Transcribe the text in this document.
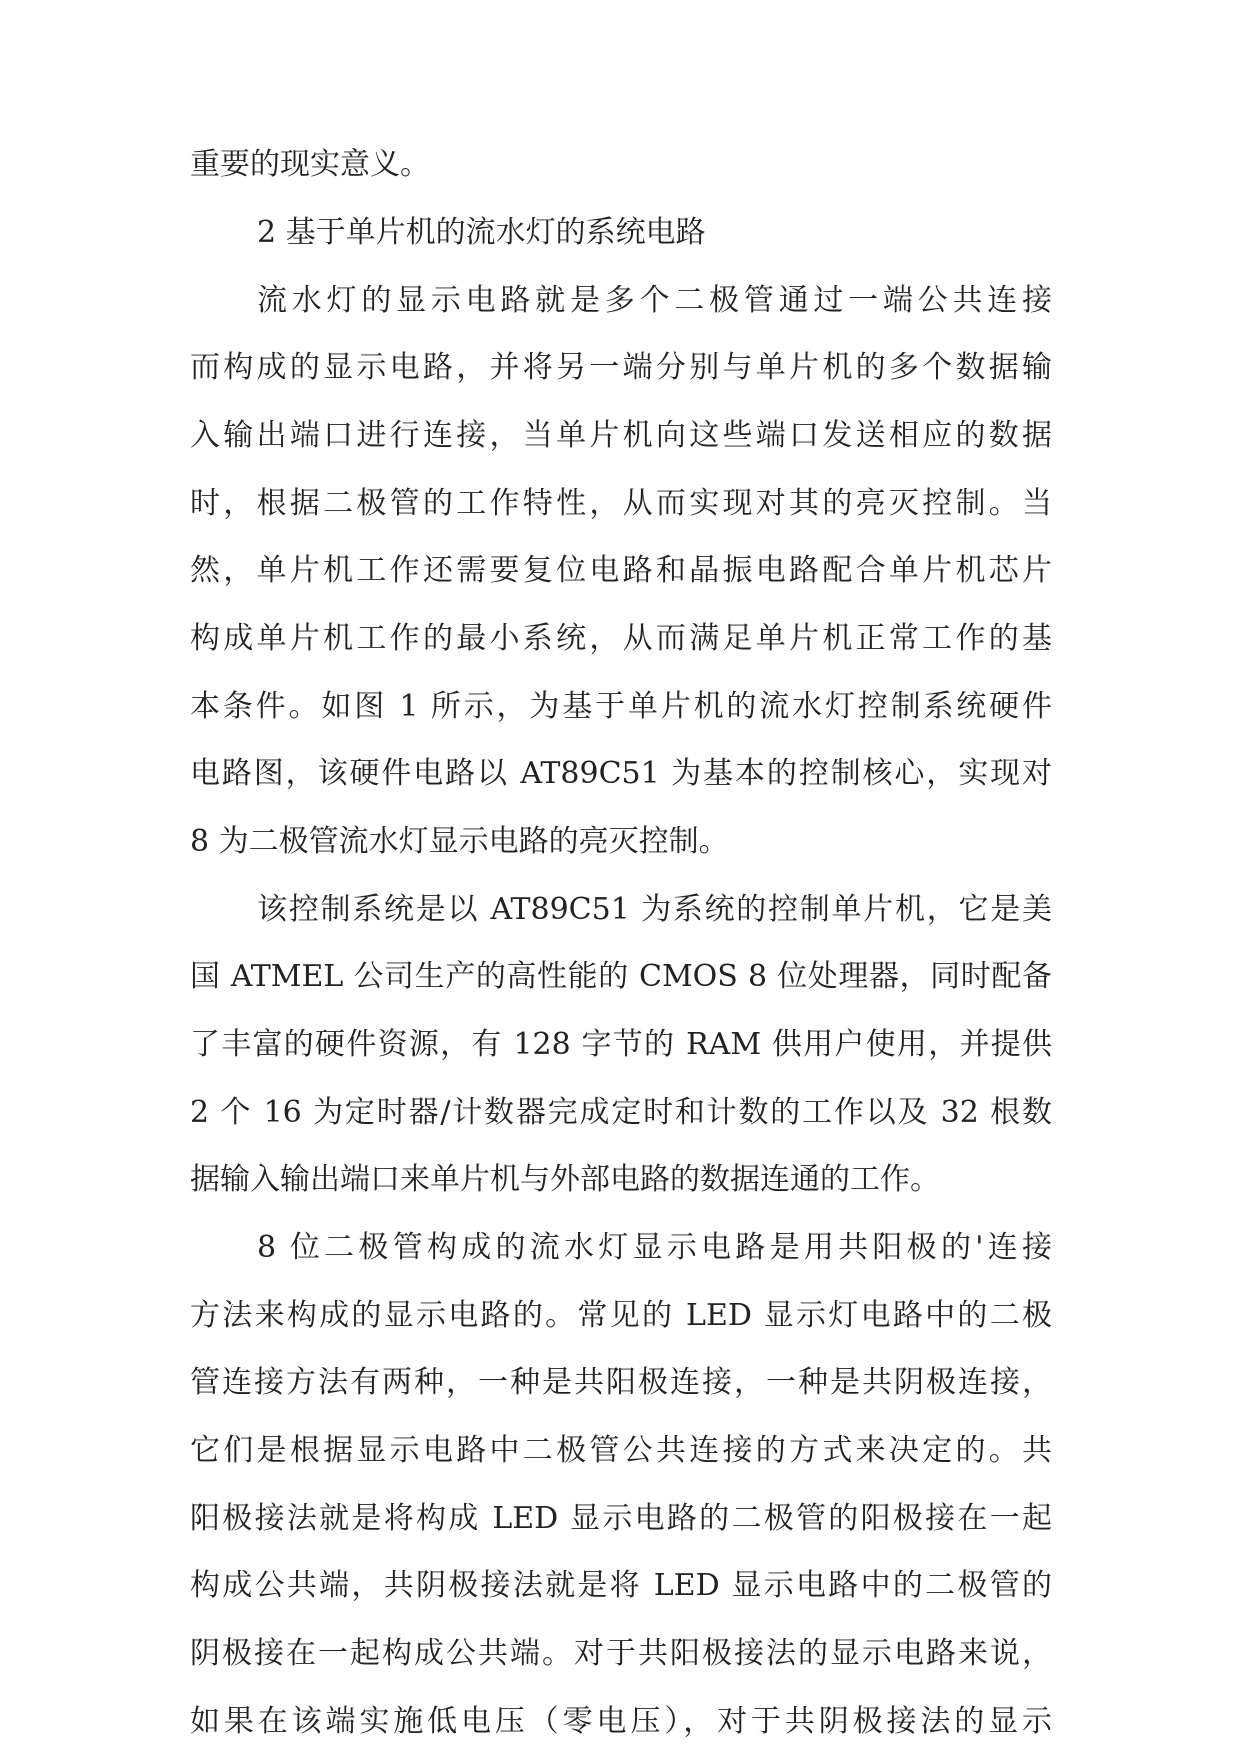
重要的现实意义。
2 基于单片机的流水灯的系统电路
流水灯的显示电路就是多个二极管通过一端公共连接
而构成的显示电路，并将另一端分别与单片机的多个数据输
入输出端口进行连接，当单片机向这些端口发送相应的数据
时，根据二极管的工作特性，从而实现对其的亮灭控制。当
然，单片机工作还需要复位电路和晶振电路配合单片机芯片
构成单片机工作的最小系统，从而满足单片机正常工作的基
本条件。如图 1 所示，为基于单片机的流水灯控制系统硬件
电路图，该硬件电路以 AT89C51 为基本的控制核心，实现对
8 为二极管流水灯显示电路的亮灭控制。
该控制系统是以 AT89C51 为系统的控制单片机，它是美
国 ATMEL 公司生产的高性能的 CMOS 8 位处理器，同时配备
了丰富的硬件资源，有 128 字节的 RAM 供用户使用，并提供
2 个 16 为定时器/计数器完成定时和计数的工作以及 32 根数
据输入输出端口来单片机与外部电路的数据连通的工作。
8 位二极管构成的流水灯显示电路是用共阳极的'连接
方法来构成的显示电路的。常见的 LED 显示灯电路中的二极
管连接方法有两种，一种是共阳极连接，一种是共阴极连接，
它们是根据显示电路中二极管公共连接的方式来决定的。共
阳极接法就是将构成 LED 显示电路的二极管的阳极接在一起
构成公共端，共阴极接法就是将 LED 显示电路中的二极管的
阴极接在一起构成公共端。对于共阳极接法的显示电路来说，
如果在该端实施低电压（零电压），对于共阴极接法的显示
